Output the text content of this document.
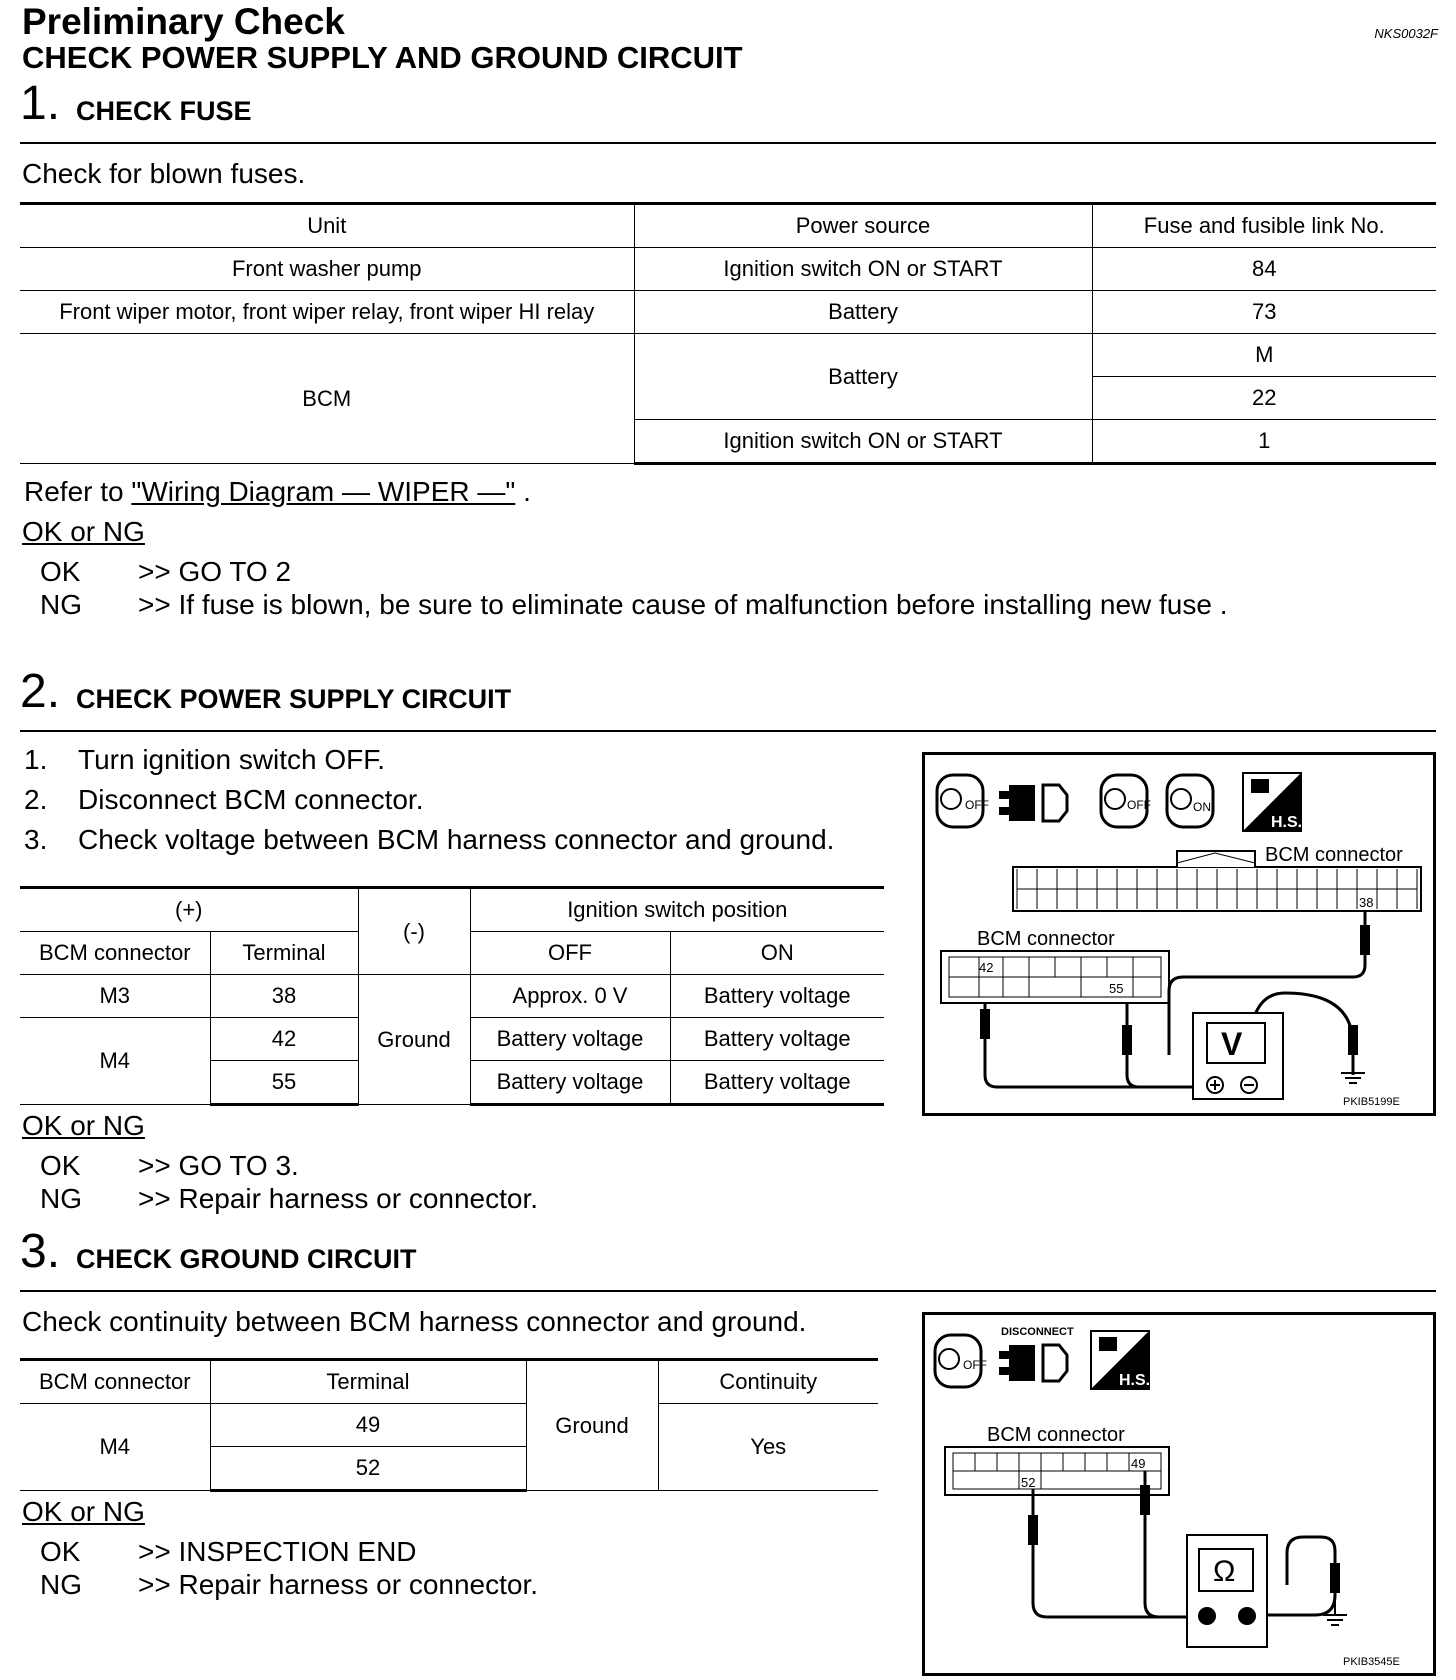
Preliminary Check
CHECK POWER SUPPLY AND GROUND CIRCUIT
NKS0032F
1. CHECK FUSE
Check for blown fuses.
Unit	Power source	Fuse and fusible link No.
Front washer pump	Ignition switch ON or START	84
Front wiper motor, front wiper relay, front wiper HI relay	Battery	73
BCM	Battery	M
		22
	Ignition switch ON or START	1
Refer to "Wiring Diagram — WIPER —" .
OK or NG
OK	>> GO TO 2
NG	>> If fuse is blown, be sure to eliminate cause of malfunction before installing new fuse .
2. CHECK POWER SUPPLY CIRCUIT
1. Turn ignition switch OFF.
2. Disconnect BCM connector.
3. Check voltage between BCM harness connector and ground.
(+)		(-)	Ignition switch position	
BCM connector	Terminal		OFF	ON
M3	38	Ground	Approx. 0 V	Battery voltage
M4	42		Battery voltage	Battery voltage
	55		Battery voltage	Battery voltage
OFF	OFF	ON
H.S.
BCM connector
38
BCM connector
42
55
V
PKIB5199E
OK or NG
OK	>> GO TO 3.
NG	>> Repair harness or connector.
3. CHECK GROUND CIRCUIT
Check continuity between BCM harness connector and ground.
BCM connector	Terminal	Ground	Continuity
M4	49		Yes
	52		
OFF
DISCONNECT
H.S.
BCM connector
49
52
Ω
PKIB3545E
OK or NG
OK	>> INSPECTION END
NG	>> Repair harness or connector.
